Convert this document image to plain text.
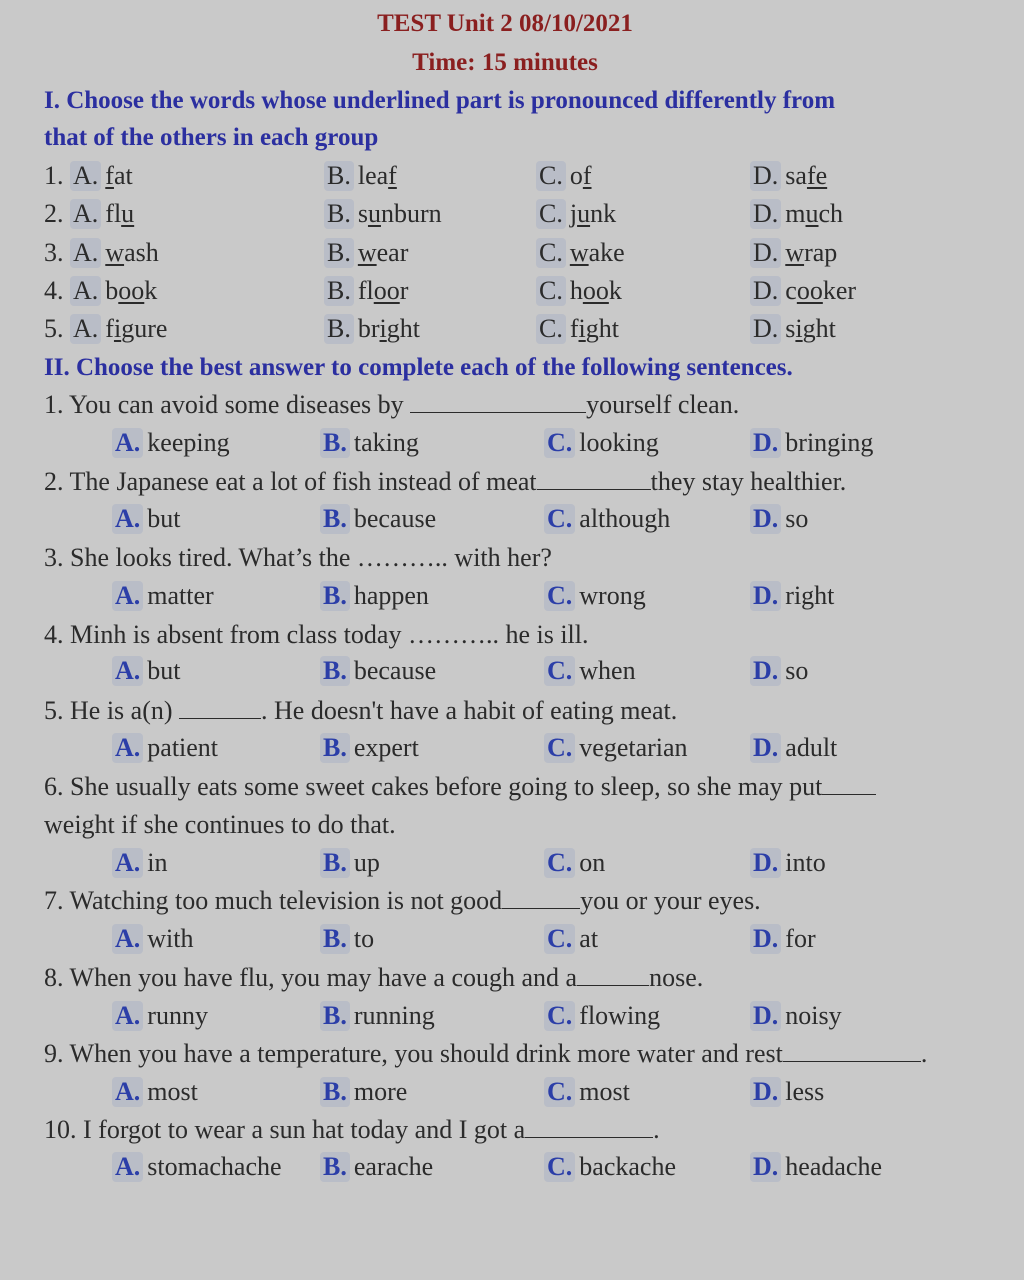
TEST Unit 2 08/10/2021
Time: 15 minutes
I. Choose the words whose underlined part is pronounced differently from
that of the others in each group
1. A. fat	B. leaf	C. of	D. safe
2. A. flu	B. sunburn	C. junk	D. much
3. A. wash	B. wear	C. wake	D. wrap
4. A. book	B. floor	C. hook	D. cooker
5. A. figure	B. bright	C. fight	D. sight
II. Choose the best answer to complete each of the following sentences.
1. You can avoid some diseases by	yourself clean.
A. keeping	B. taking	C. looking	D. bringing
2. The Japanese eat a lot of fish instead of meat	they stay healthier.
A. but	B. because	C. although	D. so
3. She looks tired. What’s the ……….. with her?
A. matter	B. happen	C. wrong	D. right
4. Minh is absent from class today ……….. he is ill.
A. but	B. because	C. when	D. so
5. He is a(n)	. He doesn't have a habit of eating meat.
A. patient	B. expert	C. vegetarian	D. adult
6. She usually eats some sweet cakes before going to sleep, so she may put
weight if she continues to do that.
A. in	B. up	C. on	D. into
7. Watching too much television is not good	you or your eyes.
A. with	B. to	C. at	D. for
8. When you have flu, you may have a cough and a	nose.
A. runny	B. running	C. flowing	D. noisy
9. When you have a temperature, you should drink more water and rest	.
A. most	B. more	C. most	D. less
10. I forgot to wear a sun hat today and I got a	.
A. stomachache B. earache	C. backache	D. headache
